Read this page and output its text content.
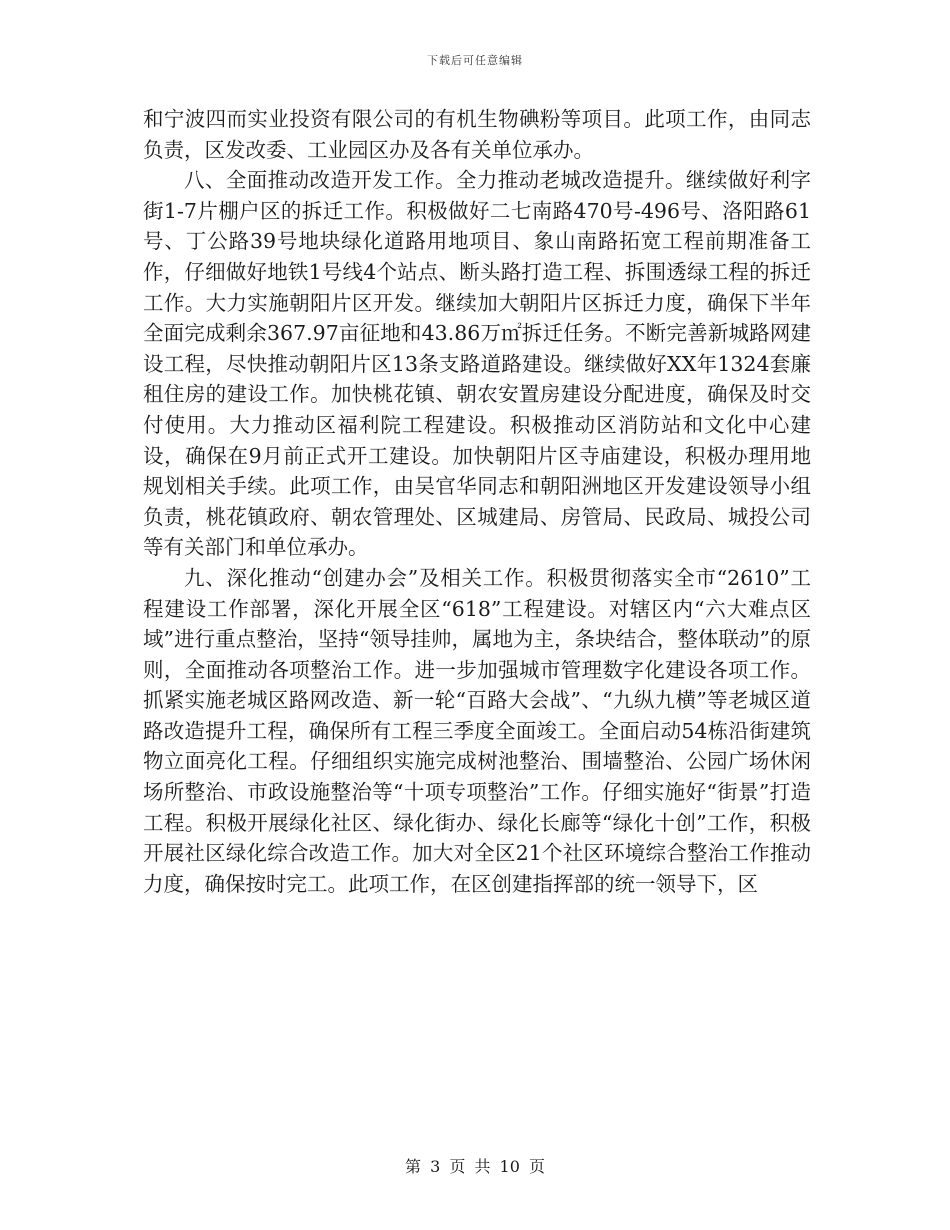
下载后可任意编辑

和宁波四而实业投资有限公司的有机生物碘粉等项目。此项工作，由同志负责，区发改委、工业园区办及各有关单位承办。

八、全面推动改造开发工作。全力推动老城改造提升。继续做好利字街1-7片棚户区的拆迁工作。积极做好二七南路470号-496号、洛阳路61号、丁公路39号地块绿化道路用地项目、象山南路拓宽工程前期准备工作，仔细做好地铁1号线4个站点、断头路打造工程、拆围透绿工程的拆迁工作。大力实施朝阳片区开发。继续加大朝阳片区拆迁力度，确保下半年全面完成剩余367.97亩征地和43.86万㎡拆迁任务。不断完善新城路网建设工程，尽快推动朝阳片区13条支路道路建设。继续做好XX年1324套廉租住房的建设工作。加快桃花镇、朝农安置房建设分配进度，确保及时交付使用。大力推动区福利院工程建设。积极推动区消防站和文化中心建设，确保在9月前正式开工建设。加快朝阳片区寺庙建设，积极办理用地规划相关手续。此项工作，由吴官华同志和朝阳洲地区开发建设领导小组负责，桃花镇政府、朝农管理处、区城建局、房管局、民政局、城投公司等有关部门和单位承办。

九、深化推动“创建办会”及相关工作。积极贯彻落实全市“2610”工程建设工作部署，深化开展全区“618”工程建设。对辖区内“六大难点区域”进行重点整治，坚持“领导挂帅，属地为主，条块结合，整体联动”的原则，全面推动各项整治工作。进一步加强城市管理数字化建设各项工作。抓紧实施老城区路网改造、新一轮“百路大会战”、“九纵九横”等老城区道路改造提升工程，确保所有工程三季度全面竣工。全面启动54栋沿街建筑物立面亮化工程。仔细组织实施完成树池整治、围墙整治、公园广场休闲场所整治、市政设施整治等“十项专项整治”工作。仔细实施好“街景”打造工程。积极开展绿化社区、绿化街办、绿化长廊等“绿化十创”工作，积极开展社区绿化综合改造工作。加大对全区21个社区环境综合整治工作推动力度，确保按时完工。此项工作，在区创建指挥部的统一领导下，区

第 3 页 共 10 页
